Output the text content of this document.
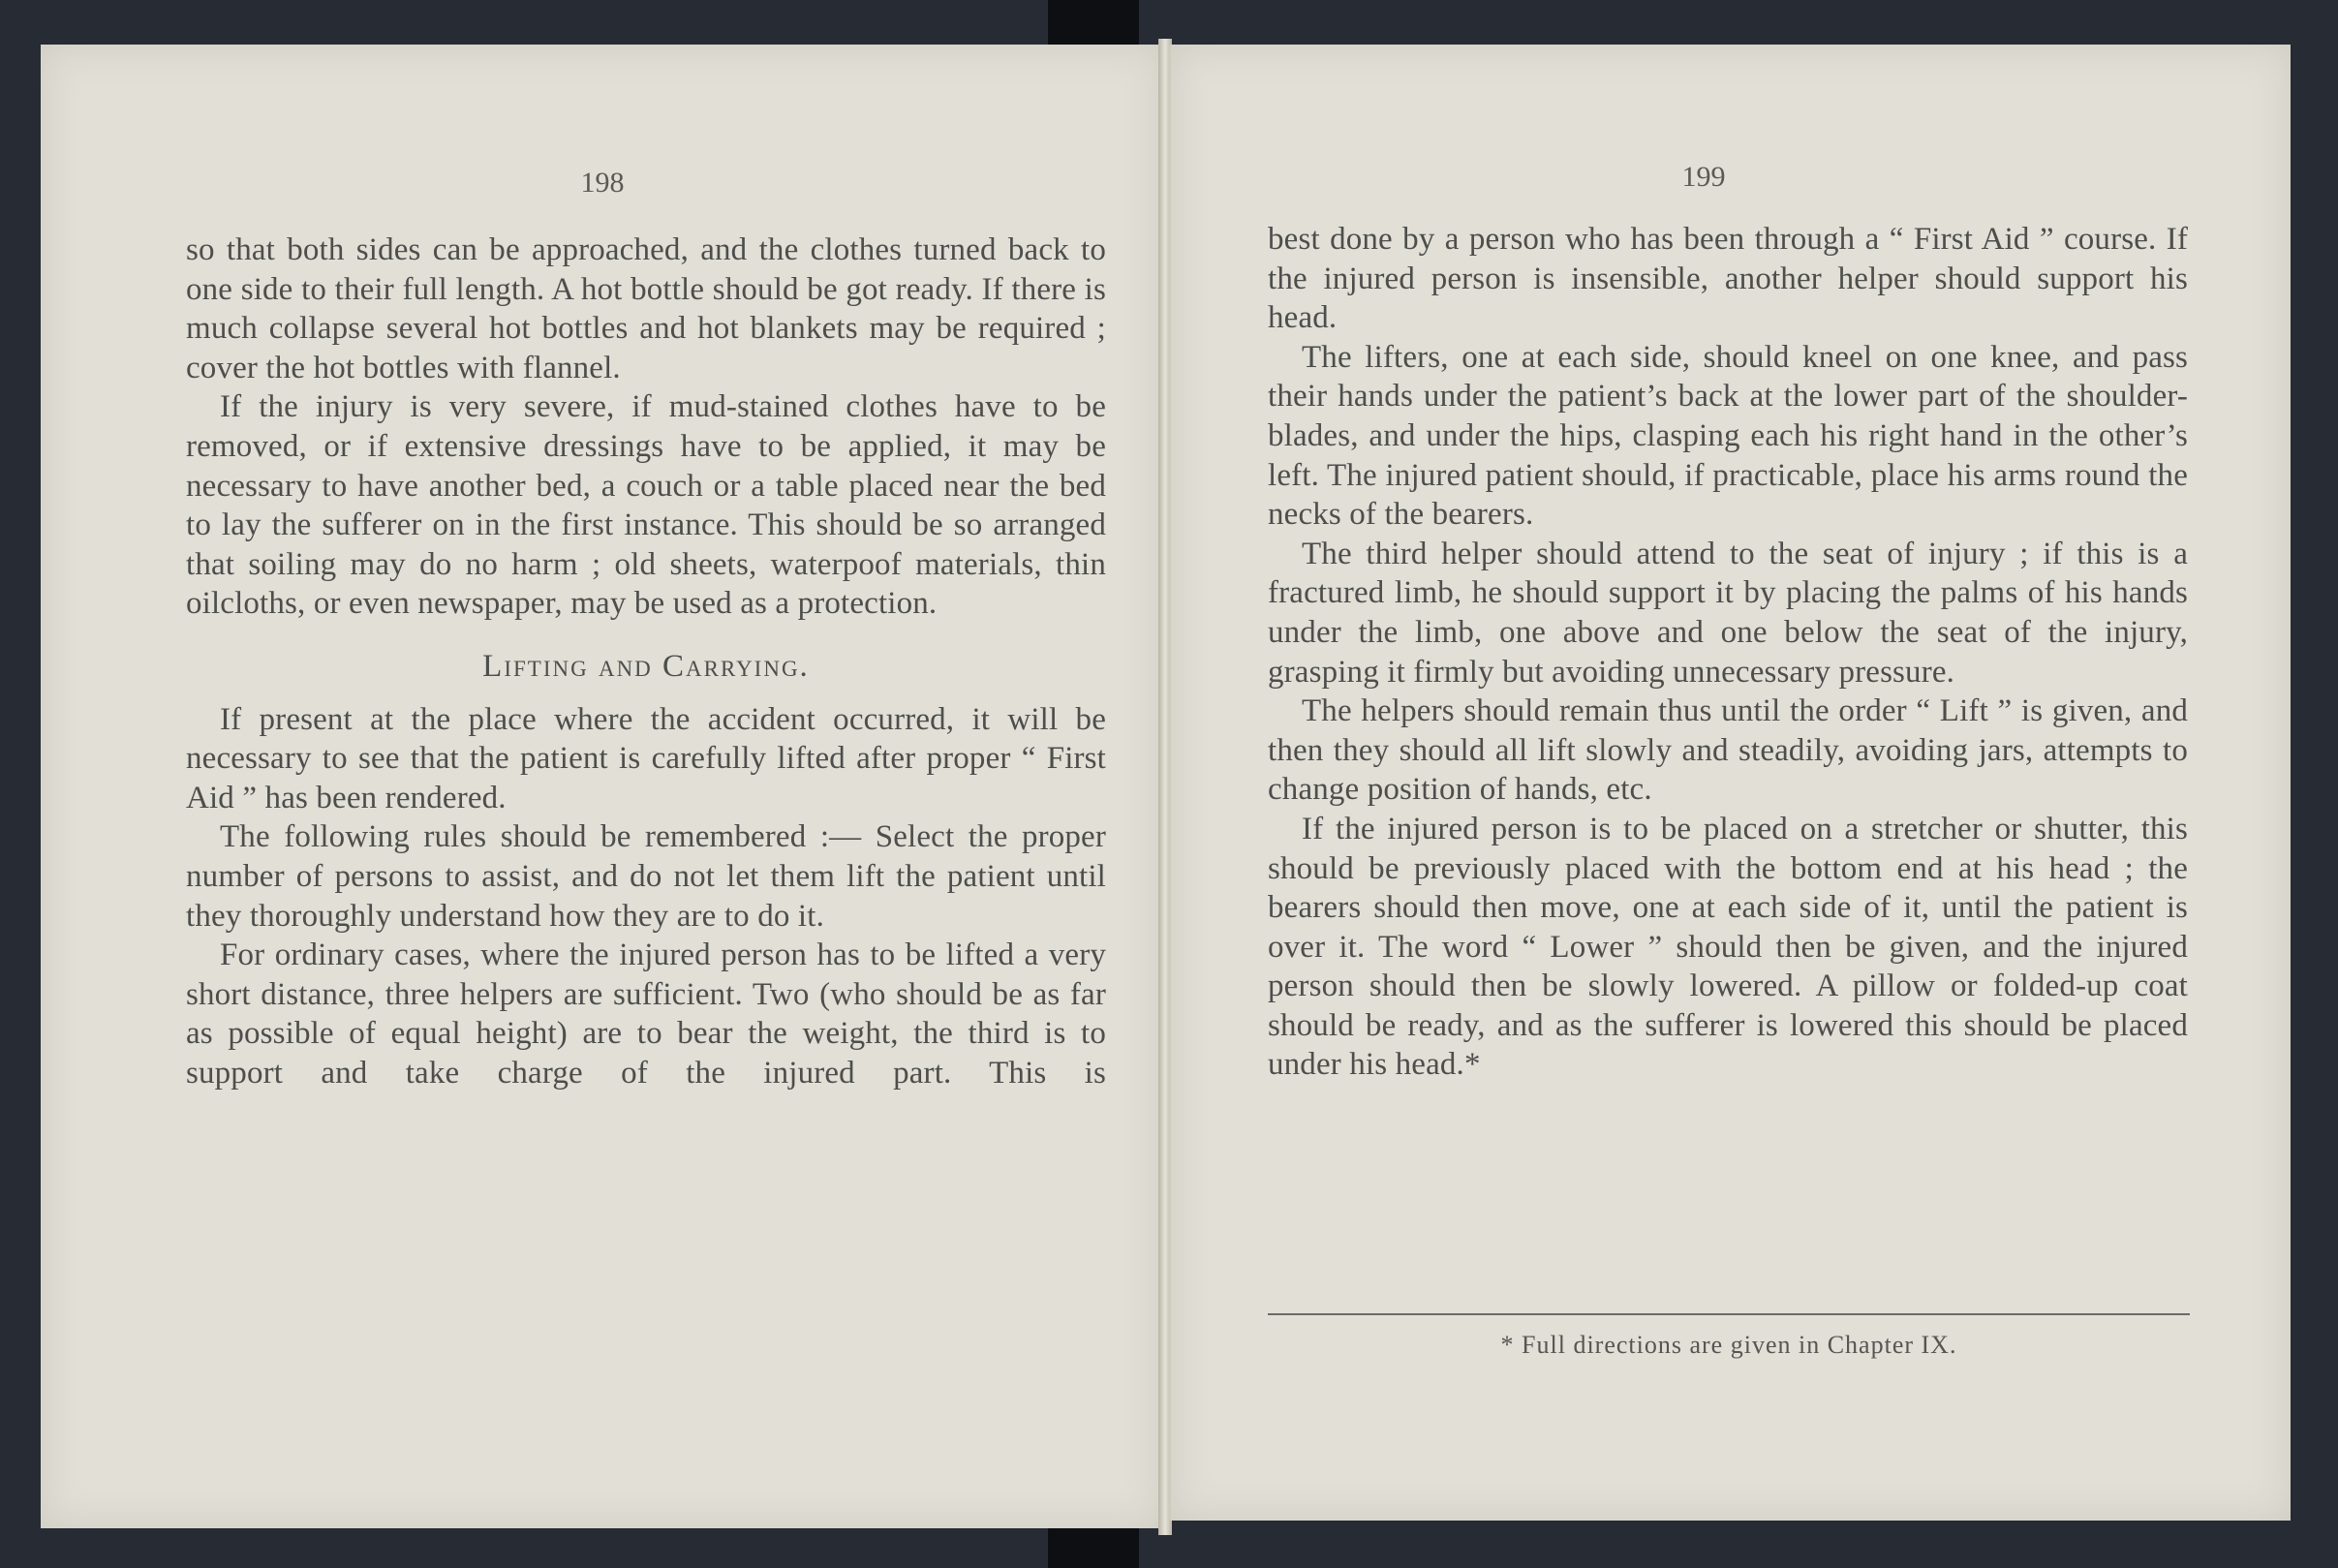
198

so that both sides can be approached, and the clothes turned back to one side to their full length. A hot bottle should be got ready. If there is much collapse several hot bottles and hot blankets may be required ; cover the hot bottles with flannel.

If the injury is very severe, if mud-stained clothes have to be removed, or if extensive dressings have to be applied, it may be necessary to have another bed, a couch or a table placed near the bed to lay the sufferer on in the first instance. This should be so arranged that soiling may do no harm ; old sheets, waterpoof materials, thin oilcloths, or even newspaper, may be used as a protection.

Lifting and Carrying.

If present at the place where the accident occurred, it will be necessary to see that the patient is carefully lifted after proper “ First Aid ” has been rendered.

The following rules should be remembered :— Select the proper number of persons to assist, and do not let them lift the patient until they thoroughly understand how they are to do it.

For ordinary cases, where the injured person has to be lifted a very short distance, three helpers are sufficient. Two (who should be as far as possible of equal height) are to bear the weight, the third is to support and take charge of the injured part. This is

199

best done by a person who has been through a “ First Aid ” course. If the injured person is insensible, another helper should support his head.

The lifters, one at each side, should kneel on one knee, and pass their hands under the patient’s back at the lower part of the shoulder-blades, and under the hips, clasping each his right hand in the other’s left. The injured patient should, if practicable, place his arms round the necks of the bearers.

The third helper should attend to the seat of injury ; if this is a fractured limb, he should support it by placing the palms of his hands under the limb, one above and one below the seat of the injury, grasping it firmly but avoiding unnecessary pressure.

The helpers should remain thus until the order “ Lift ” is given, and then they should all lift slowly and steadily, avoiding jars, attempts to change position of hands, etc.

If the injured person is to be placed on a stretcher or shutter, this should be previously placed with the bottom end at his head ; the bearers should then move, one at each side of it, until the patient is over it. The word “ Lower ” should then be given, and the injured person should then be slowly lowered. A pillow or folded-up coat should be ready, and as the sufferer is lowered this should be placed under his head.*

* Full directions are given in Chapter IX.
